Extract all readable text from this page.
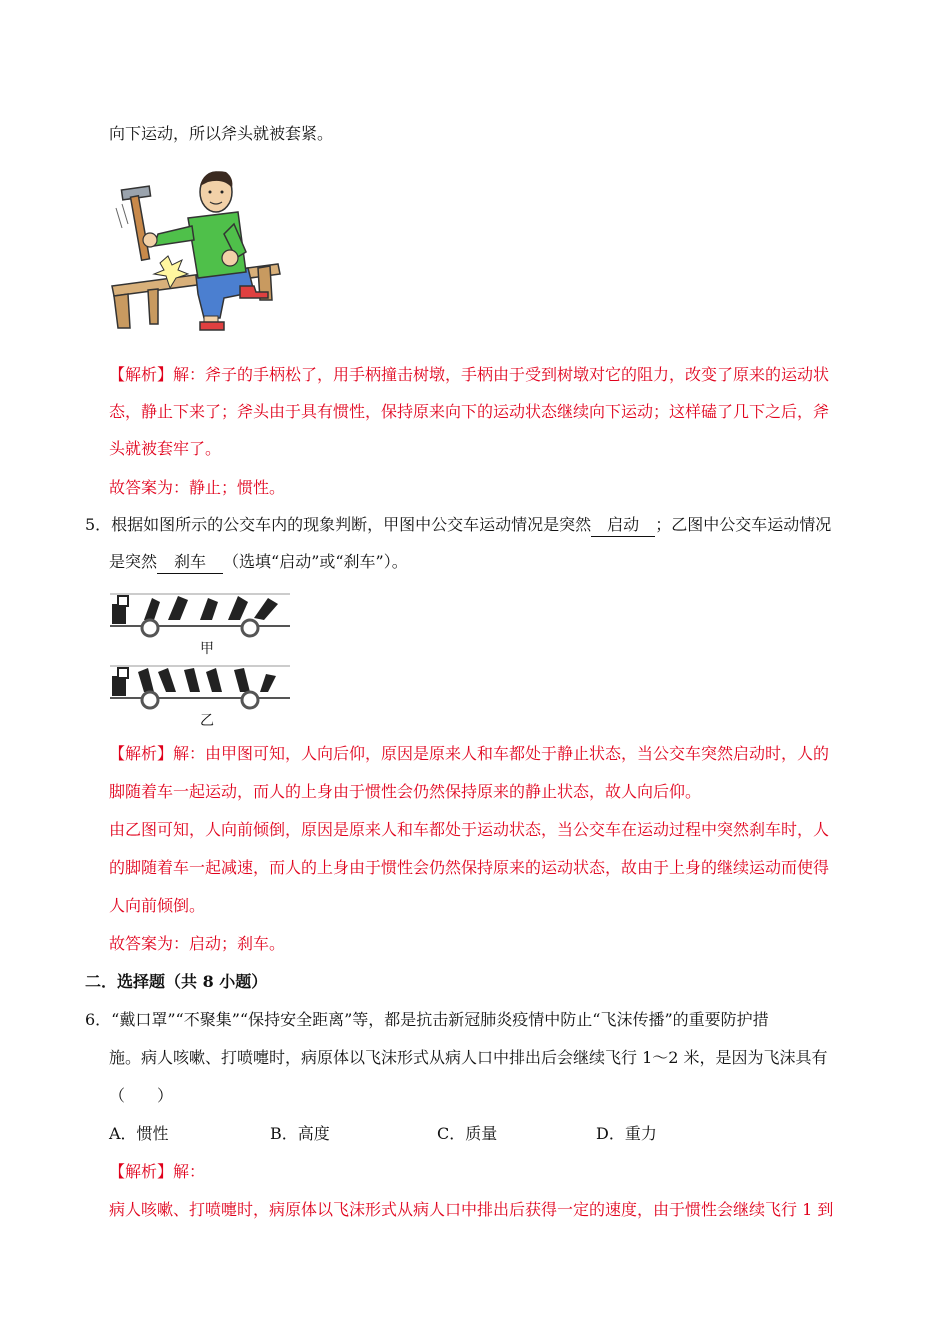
向下运动，所以斧头就被套紧。
【解析】解：斧子的手柄松了，用手柄撞击树墩，手柄由于受到树墩对它的阻力，改变了原来的运动状
态，静止下来了；斧头由于具有惯性，保持原来向下的运动状态继续向下运动；这样磕了几下之后，斧
头就被套牢了。
故答案为：静止；惯性。
5．根据如图所示的公交车内的现象判断，甲图中公交车运动情况是突然 启动 ；乙图中公交车运动情况
是突然 刹车 （选填“启动”或“刹车”）。
甲
乙
【解析】解：由甲图可知，人向后仰，原因是原来人和车都处于静止状态，当公交车突然启动时，人的
脚随着车一起运动，而人的上身由于惯性会仍然保持原来的静止状态，故人向后仰。
由乙图可知，人向前倾倒，原因是原来人和车都处于运动状态，当公交车在运动过程中突然刹车时，人
的脚随着车一起减速，而人的上身由于惯性会仍然保持原来的运动状态，故由于上身的继续运动而使得
人向前倾倒。
故答案为：启动；刹车。
二．选择题（共 8 小题）
6．“戴口罩”“不聚集”“保持安全距离”等，都是抗击新冠肺炎疫情中防止“飞沫传播”的重要防护措
施。病人咳嗽、打喷嚏时，病原体以飞沫形式从病人口中排出后会继续飞行 1～2 米，是因为飞沫具有
（　　）
A．惯性	B．高度	C．质量	D．重力
【解析】解：
病人咳嗽、打喷嚏时，病原体以飞沫形式从病人口中排出后获得一定的速度，由于惯性会继续飞行 1 到
